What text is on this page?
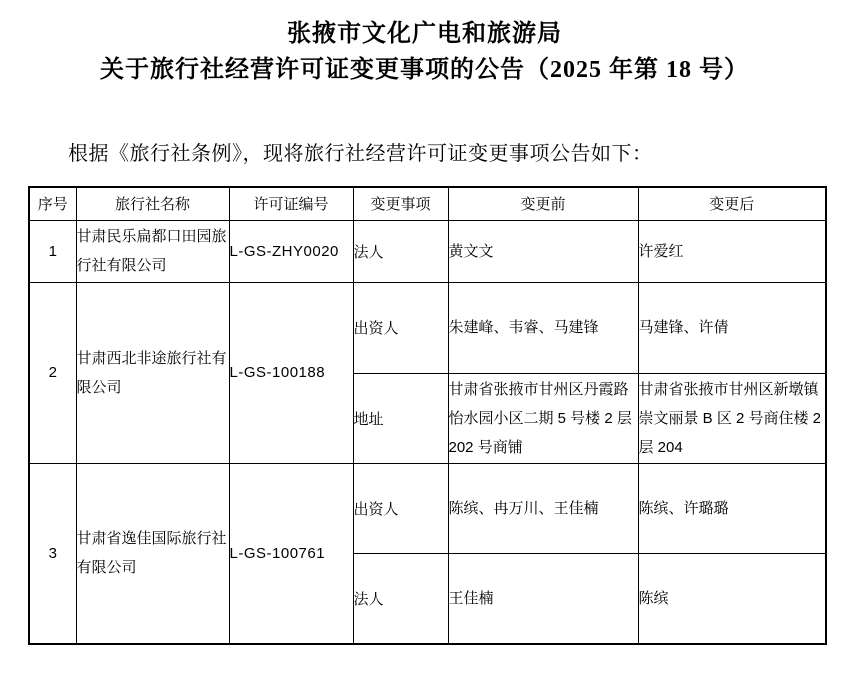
张掖市文化广电和旅游局
关于旅行社经营许可证变更事项的公告（2025 年第 18 号）

根据《旅行社条例》，现将旅行社经营许可证变更事项公告如下：

序号	旅行社名称	许可证编号	变更事项	变更前	变更后
1	甘肃民乐扁都口田园旅行社有限公司	L-GS-ZHY0020	法人	黄文文	许爱红
2	甘肃西北非途旅行社有限公司	L-GS-100188	出资人	朱建峰、韦睿、马建锋	马建锋、许倩
			地址	甘肃省张掖市甘州区丹霞路怡水园小区二期 5 号楼 2 层 202 号商铺	甘肃省张掖市甘州区新墩镇崇文丽景 B 区 2 号商住楼 2 层 204
3	甘肃省逸佳国际旅行社有限公司	L-GS-100761	出资人	陈缤、冉万川、王佳楠	陈缤、许璐璐
			法人	王佳楠	陈缤
